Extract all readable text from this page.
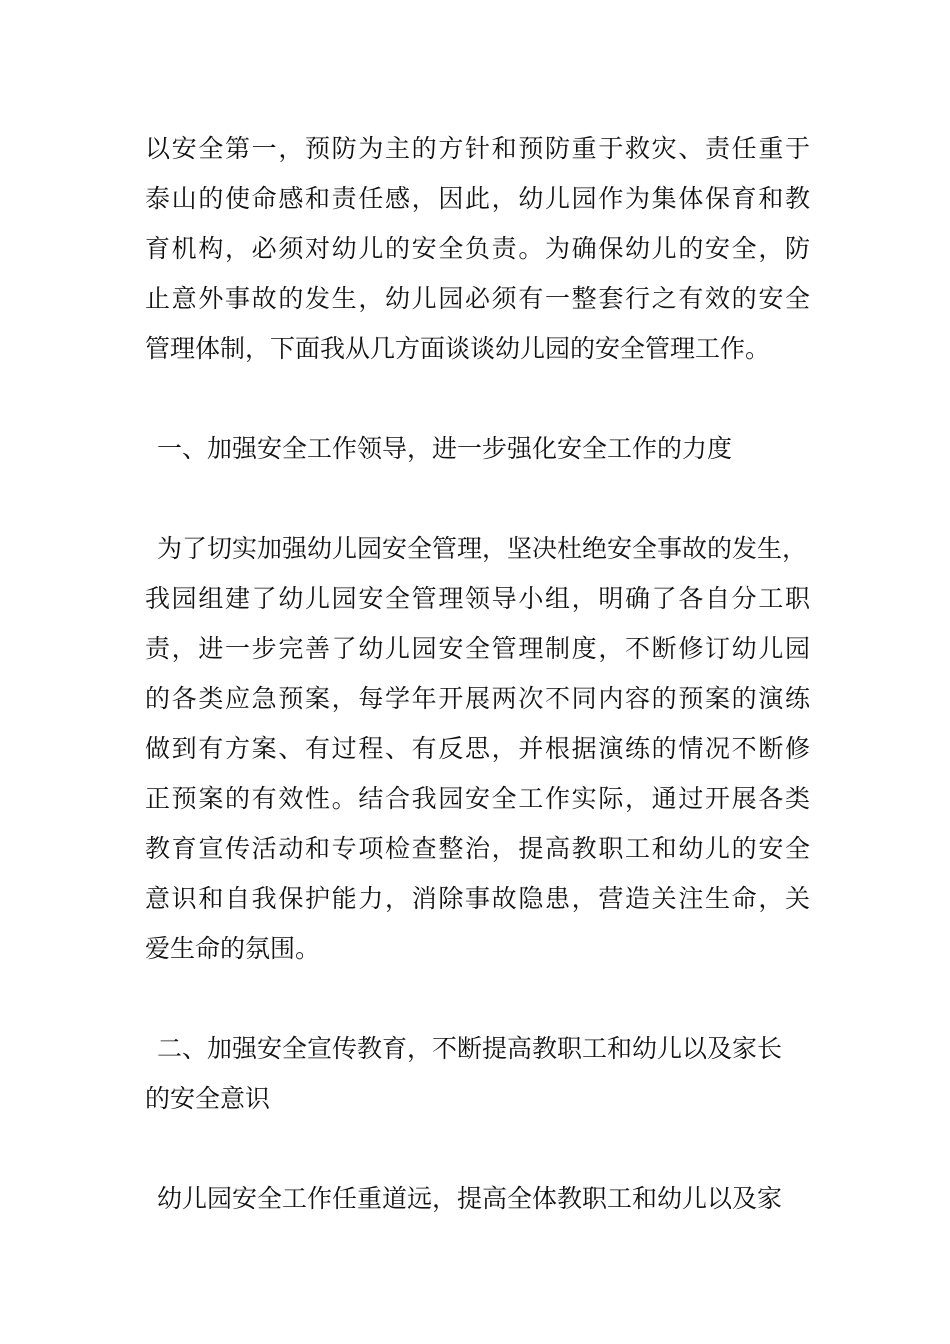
以安全第一，预防为主的方针和预防重于救灾、责任重于
泰山的使命感和责任感，因此，幼儿园作为集体保育和教
育机构，必须对幼儿的安全负责。为确保幼儿的安全，防
止意外事故的发生，幼儿园必须有一整套行之有效的安全
管理体制，下面我从几方面谈谈幼儿园的安全管理工作。
一、加强安全工作领导，进一步强化安全工作的力度
为了切实加强幼儿园安全管理，坚决杜绝安全事故的发生，
我园组建了幼儿园安全管理领导小组，明确了各自分工职
责，进一步完善了幼儿园安全管理制度，不断修订幼儿园
的各类应急预案，每学年开展两次不同内容的预案的演练
做到有方案、有过程、有反思，并根据演练的情况不断修
正预案的有效性。结合我园安全工作实际，通过开展各类
教育宣传活动和专项检查整治，提高教职工和幼儿的安全
意识和自我保护能力，消除事故隐患，营造关注生命，关
爱生命的氛围。
二、加强安全宣传教育，不断提高教职工和幼儿以及家长
的安全意识
幼儿园安全工作任重道远，提高全体教职工和幼儿以及家
